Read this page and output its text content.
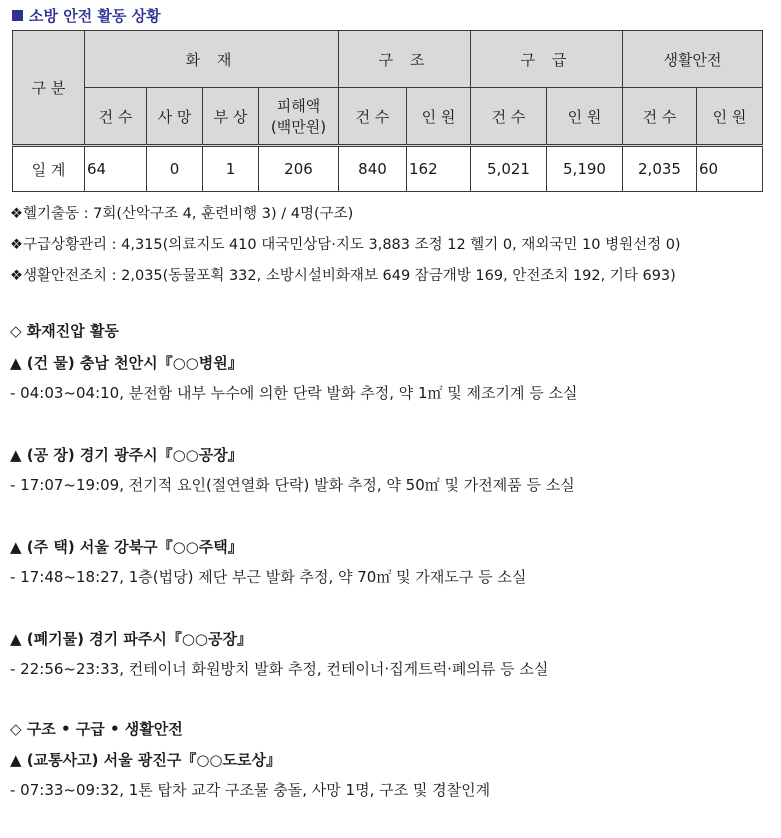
소방 안전 활동 상황
구 분	화 재				구 조		구 급		생활안전	
	건 수	사 망	부 상	피해액
(백만원)	건 수	인 원	건 수	인 원	건 수	인 원
일 계	64	0	1	206	840	162	5,021	5,190	2,035	60
❖헬기출동 : 7회(산악구조 4, 훈련비행 3) / 4명(구조)
❖구급상황관리 : 4,315(의료지도 410 대국민상담·지도 3,883 조정 12 헬기 0, 재외국민 10 병원선정 0)
❖생활안전조치 : 2,035(동물포획 332, 소방시설비화재보 649 잠금개방 169, 안전조치 192, 기타 693)
◇ 화재진압 활동
▲ (건 물) 충남 천안시『○○병원』
- 04:03~04:10, 분전함 내부 누수에 의한 단락 발화 추정, 약 1㎡ 및 제조기계 등 소실
▲ (공 장) 경기 광주시『○○공장』
- 17:07~19:09, 전기적 요인(절연열화 단락) 발화 추정, 약 50㎡ 및 가전제품 등 소실
▲ (주 택) 서울 강북구『○○주택』
- 17:48~18:27, 1층(법당) 제단 부근 발화 추정, 약 70㎡ 및 가재도구 등 소실
▲ (폐기물) 경기 파주시『○○공장』
- 22:56~23:33, 컨테이너 화원방치 발화 추정, 컨테이너·집게트럭·폐의류 등 소실
◇ 구조 • 구급 • 생활안전
▲ (교통사고) 서울 광진구『○○도로상』
- 07:33~09:32, 1톤 탑차 교각 구조물 충돌, 사망 1명, 구조 및 경찰인계
